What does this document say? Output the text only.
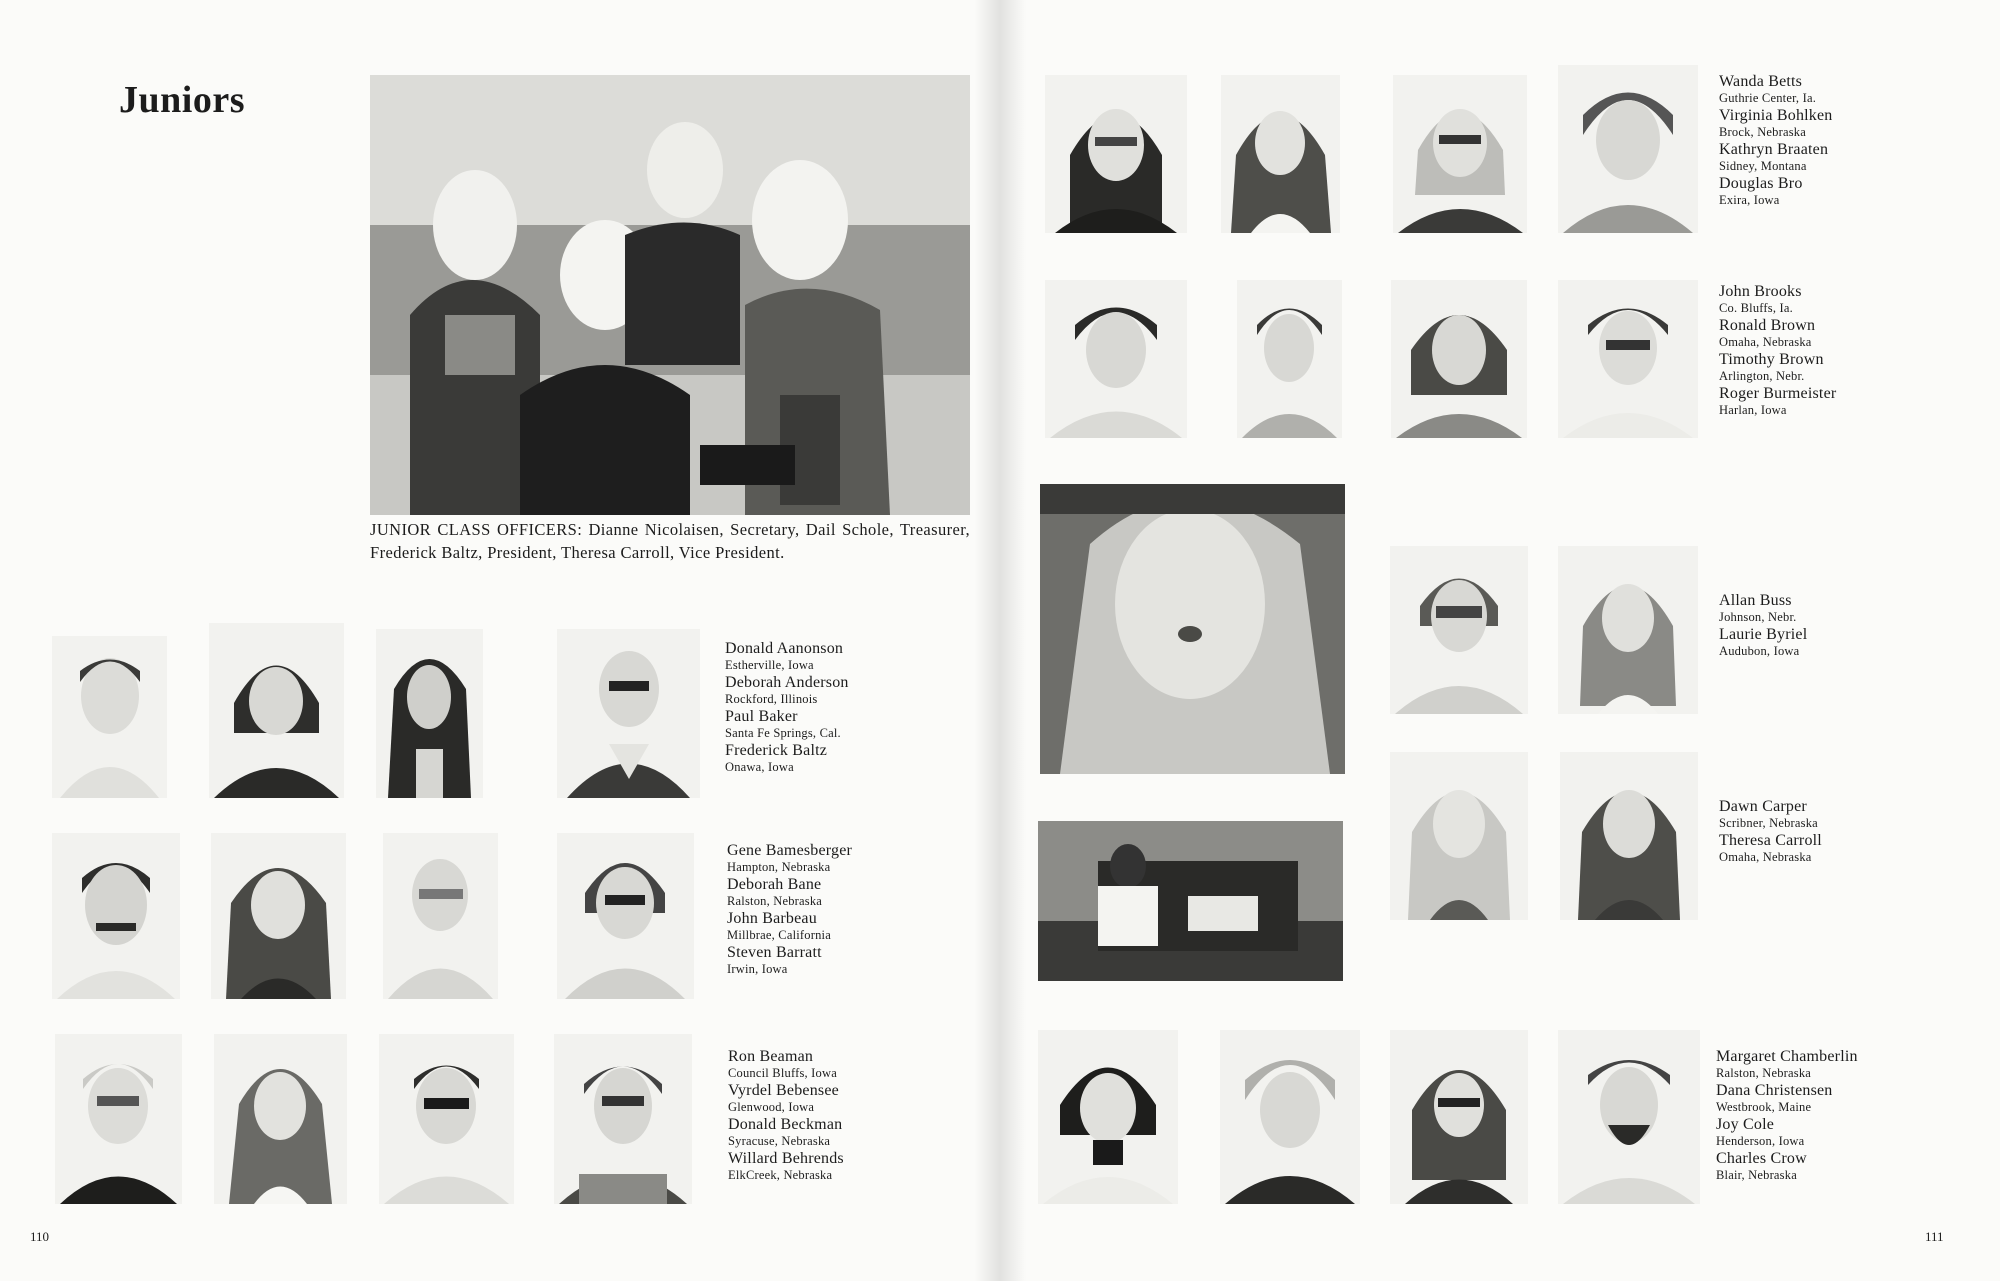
Juniors
JUNIOR CLASS OFFICERS: Dianne Nicolaisen, Secretary, Dail Schole, Treasurer, Frederick Baltz, President, Theresa Carroll, Vice President.
Donald Aanonson
Estherville, Iowa
Deborah Anderson
Rockford, Illinois
Paul Baker
Santa Fe Springs, Cal.
Frederick Baltz
Onawa, Iowa
Gene Bamesberger
Hampton, Nebraska
Deborah Bane
Ralston, Nebraska
John Barbeau
Millbrae, California
Steven Barratt
Irwin, Iowa
Ron Beaman
Council Bluffs, Iowa
Vyrdel Bebensee
Glenwood, Iowa
Donald Beckman
Syracuse, Nebraska
Willard Behrends
ElkCreek, Nebraska
110
Wanda Betts
Guthrie Center, Ia.
Virginia Bohlken
Brock, Nebraska
Kathryn Braaten
Sidney, Montana
Douglas Bro
Exira, Iowa
John Brooks
Co. Bluffs, Ia.
Ronald Brown
Omaha, Nebraska
Timothy Brown
Arlington, Nebr.
Roger Burmeister
Harlan, Iowa
Allan Buss
Johnson, Nebr.
Laurie Byriel
Audubon, Iowa
Dawn Carper
Scribner, Nebraska
Theresa Carroll
Omaha, Nebraska
Margaret Chamberlin
Ralston, Nebraska
Dana Christensen
Westbrook, Maine
Joy Cole
Henderson, Iowa
Charles Crow
Blair, Nebraska
111
